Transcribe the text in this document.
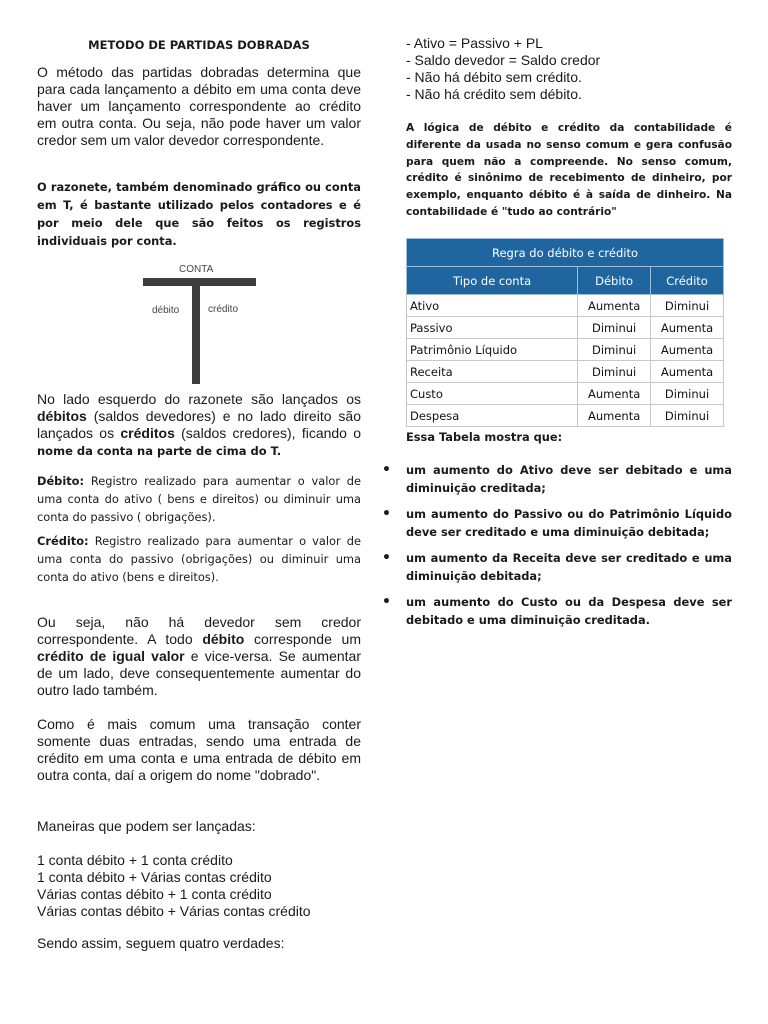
METODO DE PARTIDAS DOBRADAS

O método das partidas dobradas determina que para cada lançamento a débito em uma conta deve haver um lançamento correspondente ao crédito em outra conta. Ou seja, não pode haver um valor credor sem um valor devedor correspondente.

O razonete, também denominado gráfico ou conta em T, é bastante utilizado pelos contadores e é por meio dele que são feitos os registros individuais por conta.

CONTA
débito	crédito

No lado esquerdo do razonete são lançados os débitos (saldos devedores) e no lado direito são lançados os créditos (saldos credores), ficando o nome da conta na parte de cima do T.

Débito: Registro realizado para aumentar o valor de uma conta do ativo ( bens e direitos) ou diminuir uma conta do passivo ( obrigações).

Crédito: Registro realizado para aumentar o valor de uma conta do passivo (obrigações) ou diminuir uma conta do ativo (bens e direitos).

Ou seja, não há devedor sem credor correspondente. A todo débito corresponde um crédito de igual valor e vice-versa. Se aumentar de um lado, deve consequentemente aumentar do outro lado também.

Como é mais comum uma transação conter somente duas entradas, sendo uma entrada de crédito em uma conta e uma entrada de débito em outra conta, daí a origem do nome "dobrado".

Maneiras que podem ser lançadas:

1 conta débito + 1 conta crédito
1 conta débito + Várias contas crédito
Várias contas débito + 1 conta crédito
Várias contas débito + Várias contas crédito

Sendo assim, seguem quatro verdades:

- Ativo = Passivo + PL
- Saldo devedor = Saldo credor
- Não há débito sem crédito.
- Não há crédito sem débito.

A lógica de débito e crédito da contabilidade é diferente da usada no senso comum e gera confusão para quem não a compreende. No senso comum, crédito é sinônimo de recebimento de dinheiro, por exemplo, enquanto débito é à saída de dinheiro. Na contabilidade é "tudo ao contrário"

Regra do débito e crédito		
Tipo de conta	Débito	Crédito
Ativo	Aumenta	Diminui
Passivo	Diminui	Aumenta
Patrimônio Líquido	Diminui	Aumenta
Receita	Diminui	Aumenta
Custo	Aumenta	Diminui
Despesa	Aumenta	Diminui

Essa Tabela mostra que:

• um aumento do Ativo deve ser debitado e uma diminuição creditada;
• um aumento do Passivo ou do Patrimônio Líquido deve ser creditado e uma diminuição debitada;
• um aumento da Receita deve ser creditado e uma diminuição debitada;
• um aumento do Custo ou da Despesa deve ser debitado e uma diminuição creditada.
